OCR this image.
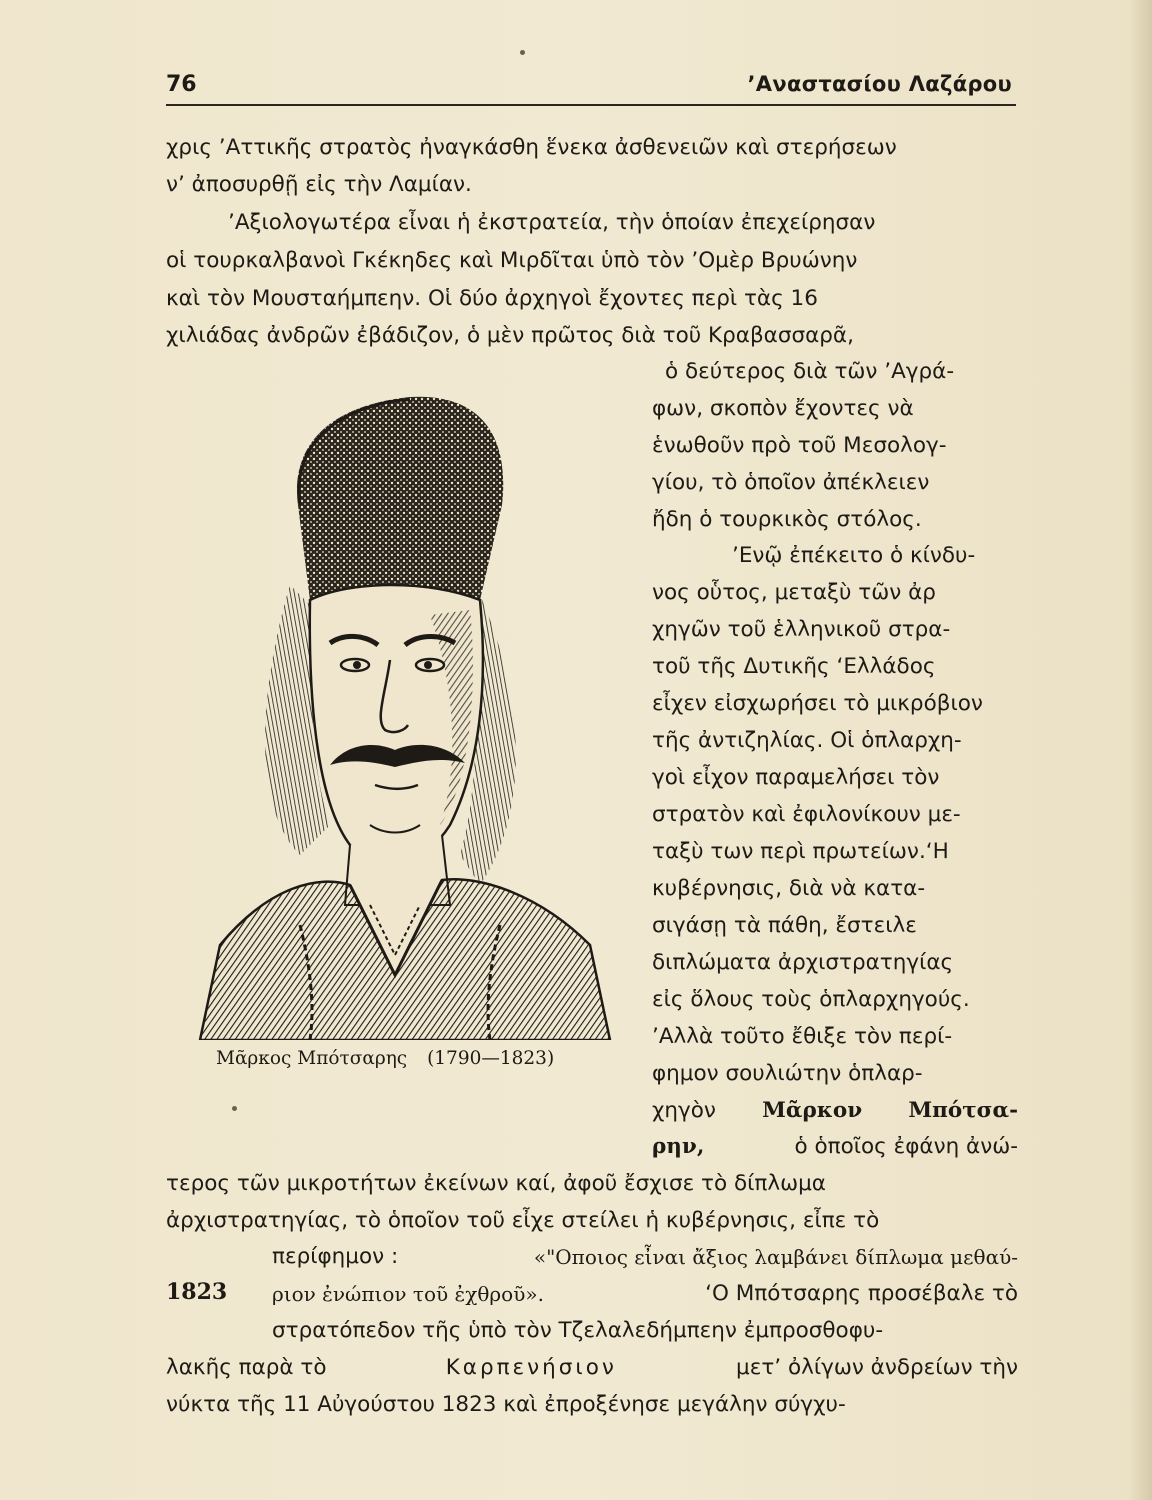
76	’Αναστασίου Λαζάρου
χρις ’Αττικῆς στρατὸς ἠναγκάσθη ἕνεκα ἀσθενειῶν καὶ στερήσεων
ν’ ἀποσυρθῇ εἰς τὴν Λαμίαν.
’Αξιολογωτέρα εἶναι ἡ ἐκστρατεία, τὴν ὁποίαν ἐπεχείρησαν
οἱ τουρκαλβανοὶ Γκέκηδες καὶ Μιρδῖται ὑπὸ τὸν ’Ομὲρ Βρυώνην
καὶ τὸν Μουσταήμπεην. Οἱ δύο ἀρχηγοὶ ἔχοντες περὶ τὰς 16
χιλιάδας ἀνδρῶν ἐβάδιζον, ὁ μὲν πρῶτος διὰ τοῦ Κραβασσαρᾶ,
ὁ δεύτερος διὰ τῶν ’Αγρά-
φων, σκοπὸν ἔχοντες νὰ
ἑνωθοῦν πρὸ τοῦ Μεσολογ-
γίου, τὸ ὁποῖον ἀπέκλειεν
ἤδη ὁ τουρκικὸς στόλος.
’Ενῷ ἐπέκειτο ὁ κίνδυ-
νος οὗτος, μεταξὺ τῶν ἀρ
χηγῶν τοῦ ἑλληνικοῦ στρα-
τοῦ τῆς Δυτικῆς ‘Ελλάδος
εἶχεν εἰσχωρήσει τὸ μικρόβιον
τῆς ἀντιζηλίας. Οἱ ὁπλαρχη-
γοὶ εἶχον παραμελήσει τὸν
στρατὸν καὶ ἐφιλονίκουν με-
ταξὺ των περὶ πρωτείων.‘Η
κυβέρνησις, διὰ νὰ κατα-
σιγάσῃ τὰ πάθη, ἔστειλε
διπλώματα ἀρχιστρατηγίας
εἰς ὅλους τοὺς ὁπλαρχηγούς.
’Αλλὰ τοῦτο ἔθιξε τὸν περί-
φημον σουλιώτην ὁπλαρ-
χηγὸν Μᾶρκον Μπότσα-
ρην,	ὁ ὁποῖος ἐφάνη ἀνώ-
τερος τῶν μικροτήτων ἐκείνων καί, ἀφοῦ ἔσχισε τὸ δίπλωμα
ἀρχιστρατηγίας, τὸ ὁποῖον τοῦ εἶχε στείλει ἡ κυβέρνησις, εἶπε τὸ
περίφημον :	«"Οποιος εἶναι ἄξιος λαμβάνει δίπλωμα μεθαύ-
1823 ριον ἐνώπιον τοῦ ἐχθροῦ».	‘Ο Μπότσαρης προσέβαλε τὸ
στρατόπεδον τῆς ὑπὸ τὸν Τζελαλεδήμπεην ἐμπροσθοφυ-
λακῆς παρὰ τὸ	Καρπενήσιον	μετ’ ὀλίγων ἀνδρείων τὴν
νύκτα τῆς 11 Αὐγούστου 1823 καὶ ἐπροξένησε μεγάλην σύγχυ-
Μᾶρκος Μπότσαρης (1790—1823)
